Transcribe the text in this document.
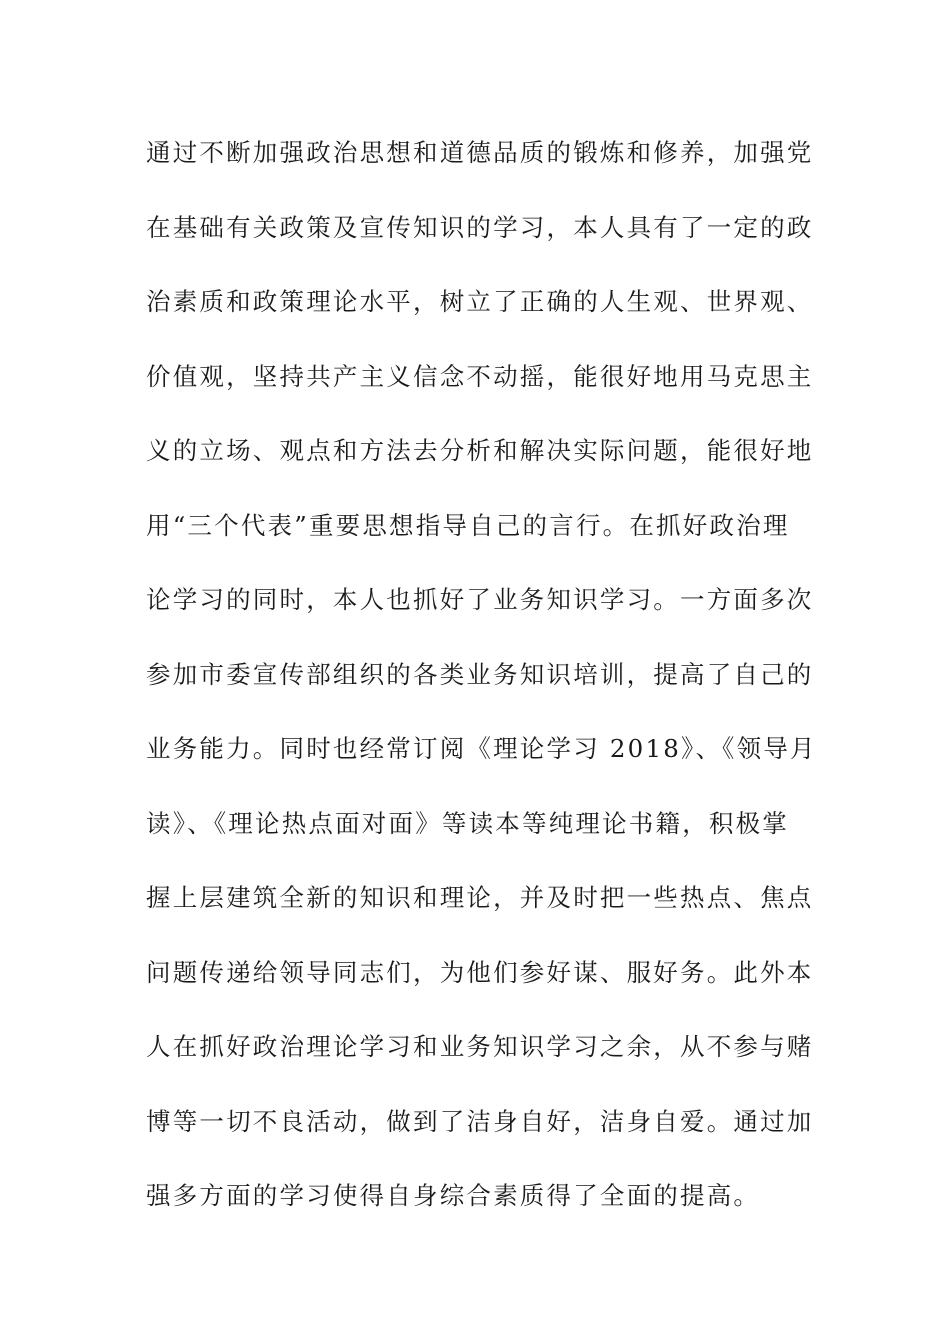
通过不断加强政治思想和道德品质的锻炼和修养，加强党
在基础有关政策及宣传知识的学习，本人具有了一定的政
治素质和政策理论水平，树立了正确的人生观、世界观、
价值观，坚持共产主义信念不动摇，能很好地用马克思主
义的立场、观点和方法去分析和解决实际问题，能很好地
用“三个代表”重要思想指导自己的言行。在抓好政治理
论学习的同时，本人也抓好了业务知识学习。一方面多次
参加市委宣传部组织的各类业务知识培训，提高了自己的
业务能力。同时也经常订阅《理论学习 2018》、《领导月
读》、《理论热点面对面》等读本等纯理论书籍，积极掌
握上层建筑全新的知识和理论，并及时把一些热点、焦点
问题传递给领导同志们，为他们参好谋、服好务。此外本
人在抓好政治理论学习和业务知识学习之余，从不参与赌
博等一切不良活动，做到了洁身自好，洁身自爱。通过加
强多方面的学习使得自身综合素质得了全面的提高。
